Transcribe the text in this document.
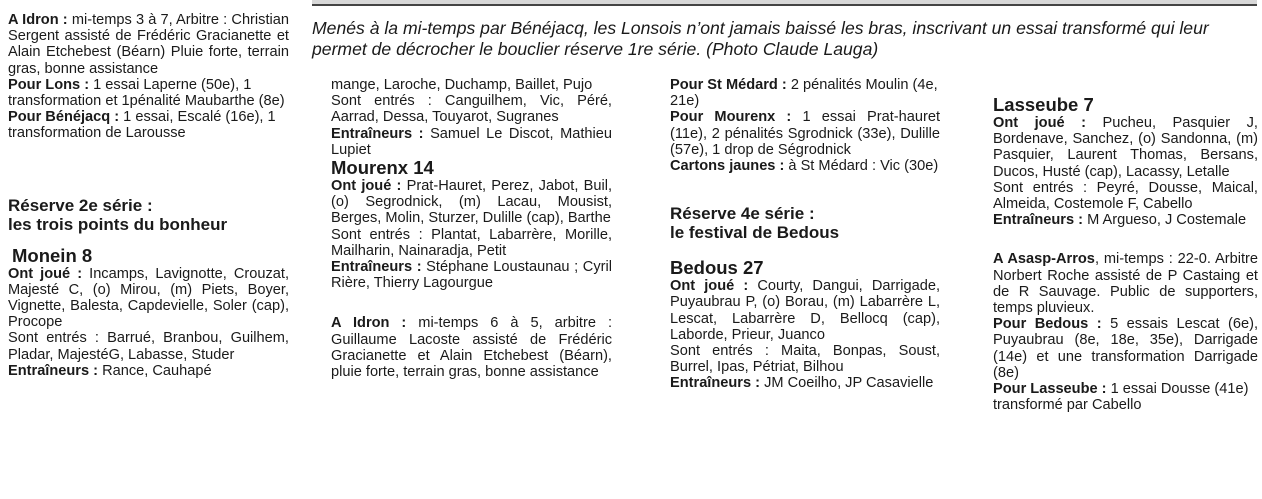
Menés à la mi-temps par Bénéjacq, les Lonsois n’ont jamais baissé les bras, inscrivant un essai transformé qui leur permet de décrocher le bouclier réserve 1re série. (Photo Claude Lauga)

A Idron : mi-temps 3 à 7, Arbitre : Christian Sergent assisté de Frédéric Gracianette et Alain Etchebest (Béarn) Pluie forte, terrain gras, bonne assistance

Pour Lons : 1 essai Laperne (50e), 1 transformation et 1pénalité Maubarthe (8e)

Pour Bénéjacq : 1 essai, Escalé (16e), 1 transformation de Larousse

Réserve 2e série :

les trois points du bonheur

Monein 8

Ont joué : Incamps, Lavignotte, Crouzat, Majesté C, (o) Mirou, (m) Piets, Boyer, Vignette, Balesta, Capdevielle, Soler (cap), Procope

Sont entrés : Barrué, Branbou, Guilhem, Pladar, MajestéG, Labasse, Studer

Entraîneurs : Rance, Cauhapé

mange, Laroche, Duchamp, Baillet, Pujo

Sont entrés : Canguilhem, Vic, Péré, Aarrad, Dessa, Touyarot, Sugranes

Entraîneurs : Samuel Le Discot, Mathieu Lupiet

Mourenx 14

Ont joué : Prat-Hauret, Perez, Jabot, Buil, (o) Segrodnick, (m) Lacau, Mousist, Berges, Molin, Sturzer, Dulille (cap), Barthe

Sont entrés : Plantat, Labarrère, Morille, Mailharin, Nainaradja, Petit

Entraîneurs : Stéphane Loustaunau ; Cyril Rière, Thierry Lagourgue

A Idron : mi-temps 6 à 5, arbitre : Guillaume Lacoste assisté de Frédéric Gracianette et Alain Etchebest (Béarn), pluie forte, terrain gras, bonne assistance

Pour St Médard : 2 pénalités Moulin (4e, 21e)

Pour Mourenx : 1 essai Prat-hauret (11e), 2 pénalités Sgrodnick (33e), Dulille (57e), 1 drop de Ségrodnick

Cartons jaunes : à St Médard : Vic (30e)

Réserve 4e série :

le festival de Bedous

Bedous 27

Ont joué : Courty, Dangui, Darrigade, Puyaubrau P, (o) Borau, (m) Labarrère L, Lescat, Labarrère D, Bellocq (cap), Laborde, Prieur, Juanco

Sont entrés : Maita, Bonpas, Soust, Burrel, Ipas, Pétriat, Bilhou

Entraîneurs : JM Coeilho, JP Casavielle

Lasseube 7

Ont joué : Pucheu, Pasquier J, Bordenave, Sanchez, (o) Sandonna, (m) Pasquier, Laurent Thomas, Bersans, Ducos, Husté (cap), Lacassy, Letalle

Sont entrés : Peyré, Dousse, Maical, Almeida, Costemole F, Cabello

Entraîneurs : M Argueso, J Costemale

A Asasp-Arros, mi-temps : 22-0. Arbitre Norbert Roche assisté de P Castaing et de R Sauvage. Public de supporters, temps pluvieux.

Pour Bedous : 5 essais Lescat (6e), Puyaubrau (8e, 18e, 35e), Darrigade (14e) et une transformation Darrigade (8e)

Pour Lasseube : 1 essai Dousse (41e) transformé par Cabello
